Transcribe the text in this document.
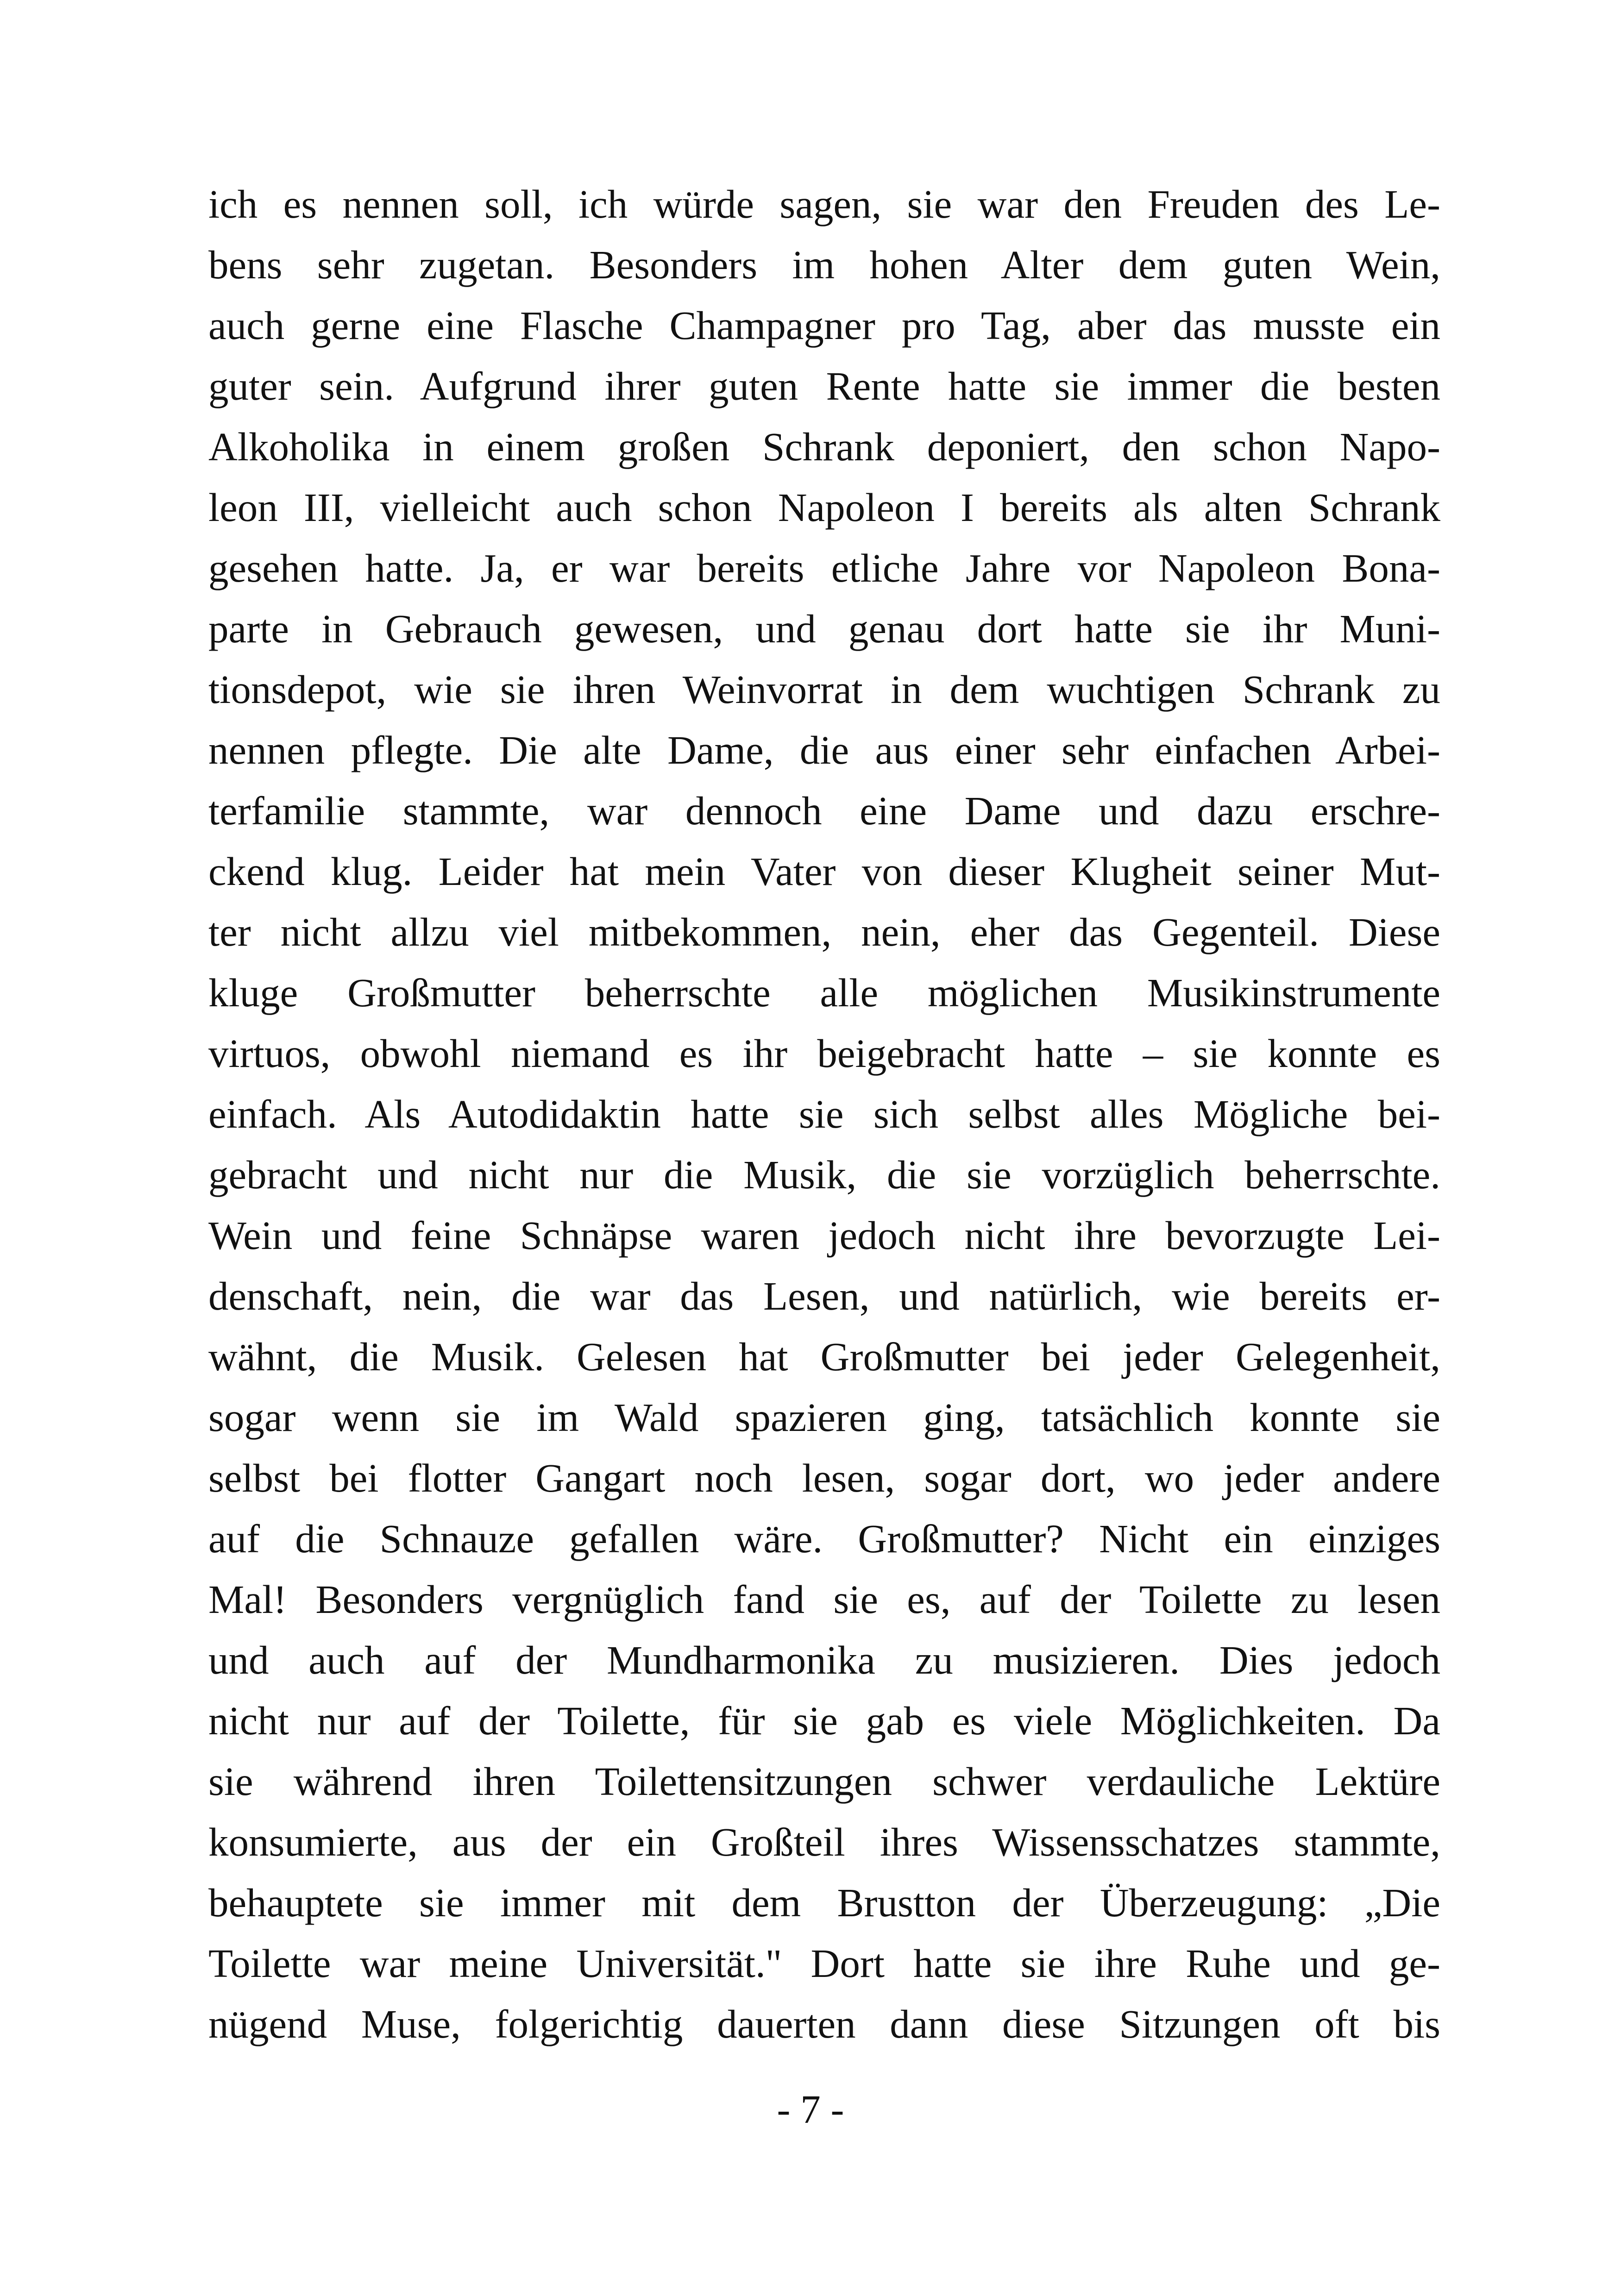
ich es nennen soll, ich würde sagen, sie war den Freuden des Le-
bens sehr zugetan. Besonders im hohen Alter dem guten Wein,
auch gerne eine Flasche Champagner pro Tag, aber das musste ein
guter sein. Aufgrund ihrer guten Rente hatte sie immer die besten
Alkoholika in einem großen Schrank deponiert, den schon Napo-
leon III, vielleicht auch schon Napoleon I bereits als alten Schrank
gesehen hatte. Ja, er war bereits etliche Jahre vor Napoleon Bona-
parte in Gebrauch gewesen, und genau dort hatte sie ihr Muni-
tionsdepot, wie sie ihren Weinvorrat in dem wuchtigen Schrank zu
nennen pflegte. Die alte Dame, die aus einer sehr einfachen Arbei-
terfamilie stammte, war dennoch eine Dame und dazu erschre-
ckend klug. Leider hat mein Vater von dieser Klugheit seiner Mut-
ter nicht allzu viel mitbekommen, nein, eher das Gegenteil. Diese
kluge Großmutter beherrschte alle möglichen Musikinstrumente
virtuos, obwohl niemand es ihr beigebracht hatte – sie konnte es
einfach. Als Autodidaktin hatte sie sich selbst alles Mögliche bei-
gebracht und nicht nur die Musik, die sie vorzüglich beherrschte.
Wein und feine Schnäpse waren jedoch nicht ihre bevorzugte Lei-
denschaft, nein, die war das Lesen, und natürlich, wie bereits er-
wähnt, die Musik. Gelesen hat Großmutter bei jeder Gelegenheit,
sogar wenn sie im Wald spazieren ging, tatsächlich konnte sie
selbst bei flotter Gangart noch lesen, sogar dort, wo jeder andere
auf die Schnauze gefallen wäre. Großmutter? Nicht ein einziges
Mal! Besonders vergnüglich fand sie es, auf der Toilette zu lesen
und auch auf der Mundharmonika zu musizieren. Dies jedoch
nicht nur auf der Toilette, für sie gab es viele Möglichkeiten. Da
sie während ihren Toilettensitzungen schwer verdauliche Lektüre
konsumierte, aus der ein Großteil ihres Wissensschatzes stammte,
behauptete sie immer mit dem Brustton der Überzeugung: „Die
Toilette war meine Universität." Dort hatte sie ihre Ruhe und ge-
nügend Muse, folgerichtig dauerten dann diese Sitzungen oft bis
- 7 -
